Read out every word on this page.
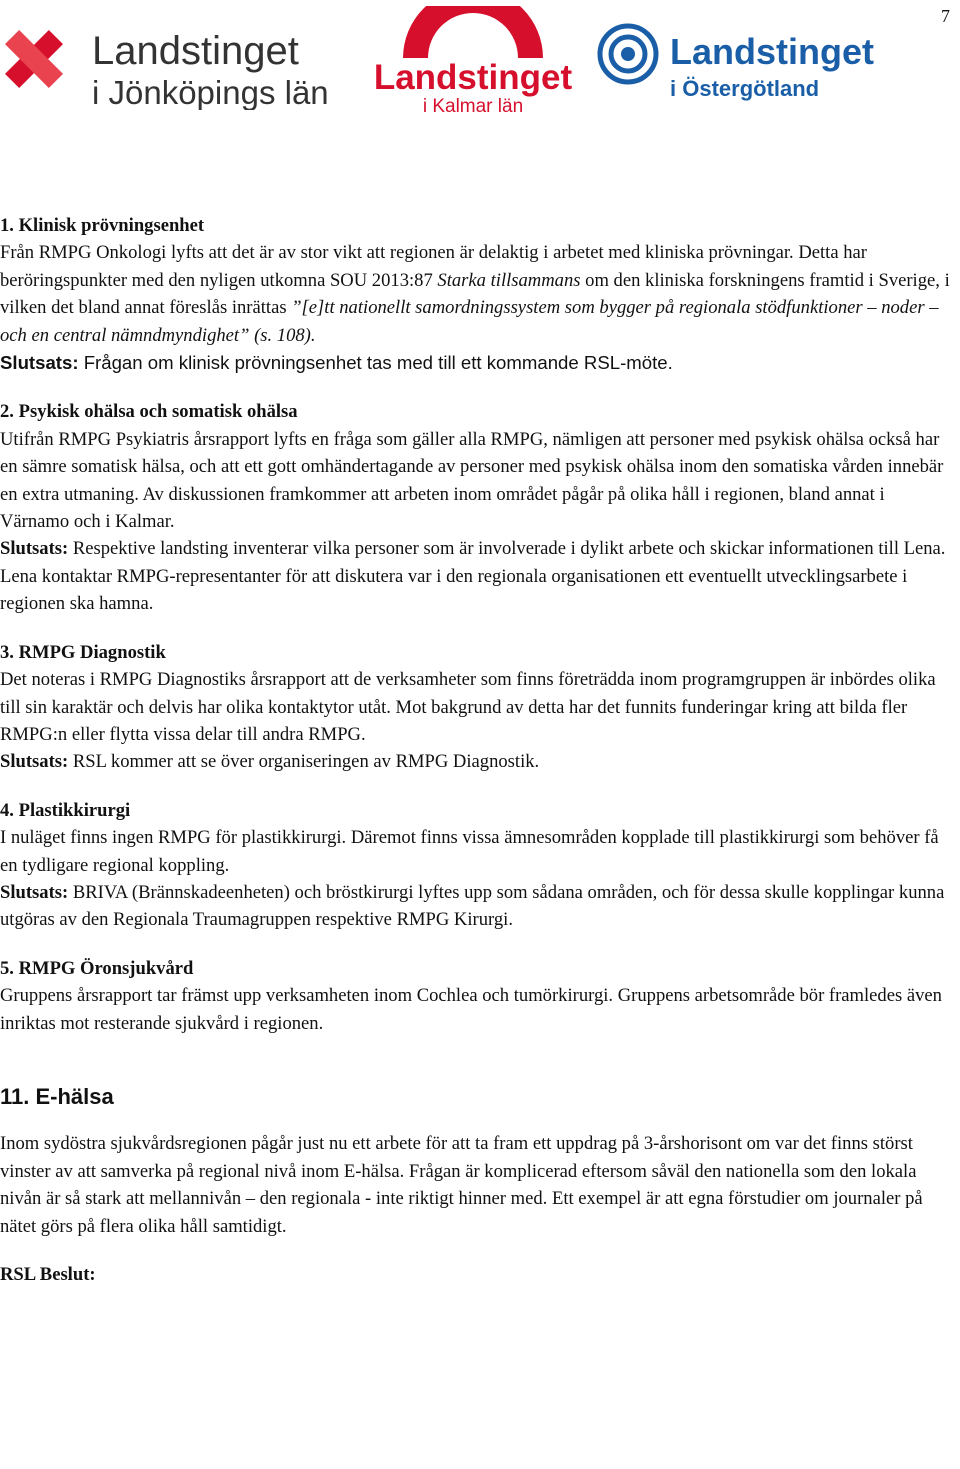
7
Landstinget
i Jönköpings län Landstinget
i Kalmar län
Landstinget
i Östergötland

1. Klinisk prövningsenhet

Från RMPG Onkologi lyfts att det är av stor vikt att regionen är delaktig i arbetet med kliniska prövningar. Detta har beröringspunkter med den nyligen utkomna SOU 2013:87 Starka tillsammans om den kliniska forskningens framtid i Sverige, i vilken det bland annat föreslås inrättas ”[e]tt nationellt samordningssystem som bygger på regionala stödfunktioner – noder – och en central nämndmyndighet” (s. 108).

Slutsats: Frågan om klinisk prövningsenhet tas med till ett kommande RSL-möte.

2. Psykisk ohälsa och somatisk ohälsa

Utifrån RMPG Psykiatris årsrapport lyfts en fråga som gäller alla RMPG, nämligen att personer med psykisk ohälsa också har en sämre somatisk hälsa, och att ett gott omhändertagande av personer med psykisk ohälsa inom den somatiska vården innebär en extra utmaning. Av diskussionen framkommer att arbeten inom området pågår på olika håll i regionen, bland annat i Värnamo och i Kalmar.

Slutsats: Respektive landsting inventerar vilka personer som är involverade i dylikt arbete och skickar informationen till Lena. Lena kontaktar RMPG-representanter för att diskutera var i den regionala organisationen ett eventuellt utvecklingsarbete i regionen ska hamna.

3. RMPG Diagnostik

Det noteras i RMPG Diagnostiks årsrapport att de verksamheter som finns företrädda inom programgruppen är inbördes olika till sin karaktär och delvis har olika kontaktytor utåt. Mot bakgrund av detta har det funnits funderingar kring att bilda fler RMPG:n eller flytta vissa delar till andra RMPG.

Slutsats: RSL kommer att se över organiseringen av RMPG Diagnostik.

4. Plastikkirurgi

I nuläget finns ingen RMPG för plastikkirurgi. Däremot finns vissa ämnesområden kopplade till plastikkirurgi som behöver få en tydligare regional koppling.

Slutsats: BRIVA (Brännskadeenheten) och bröstkirurgi lyftes upp som sådana områden, och för dessa skulle kopplingar kunna utgöras av den Regionala Traumagruppen respektive RMPG Kirurgi.

5. RMPG Öronsjukvård

Gruppens årsrapport tar främst upp verksamheten inom Cochlea och tumörkirurgi. Gruppens arbetsområde bör framledes även inriktas mot resterande sjukvård i regionen.

11. E-hälsa

Inom sydöstra sjukvårdsregionen pågår just nu ett arbete för att ta fram ett uppdrag på 3-årshorisont om var det finns störst vinster av att samverka på regional nivå inom E-hälsa. Frågan är komplicerad eftersom såväl den nationella som den lokala nivån är så stark att mellannivån – den regionala - inte riktigt hinner med. Ett exempel är att egna förstudier om journaler på nätet görs på flera olika håll samtidigt.

RSL Beslut:
